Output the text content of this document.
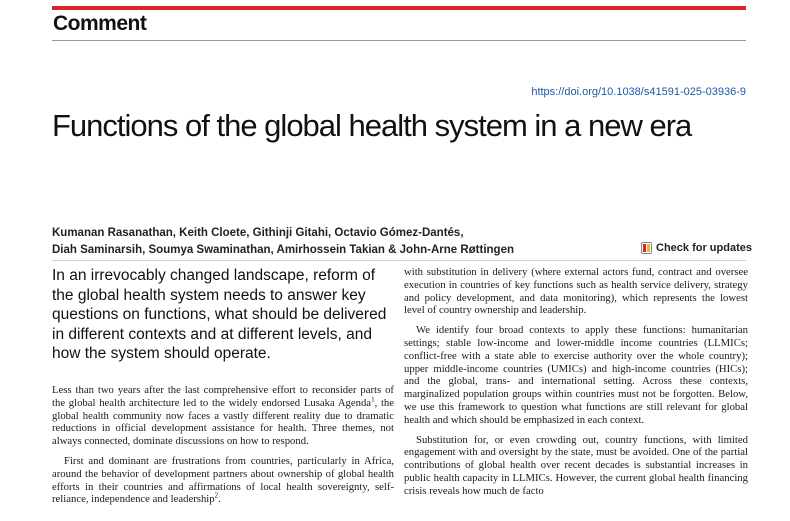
Comment
https://doi.org/10.1038/s41591-025-03936-9
Functions of the global health system in a new era
Kumanan Rasanathan, Keith Cloete, Githinji Gitahi, Octavio Gómez-Dantés,
Diah Saminarsih, Soumya Swaminathan, Amirhossein Takian & John-Arne Røttingen	Check for updates

In an irrevocably changed landscape, reform of the global health system needs to answer key questions on functions, what should be delivered in different contexts and at different levels, and how the system should operate.

Less than two years after the last comprehensive effort to reconsider parts of the global health architecture led to the widely endorsed Lusaka Agenda$^1$, the global health community now faces a vastly different reality due to dramatic reductions in official development assistance for health. Three themes, not always connected, dominate discussions on how to respond.

First and dominant are frustrations from countries, particularly in Africa, around the behavior of development partners about ownership of global health efforts in their countries and affirmations of local health sovereignty, self-reliance, independence and leadership$^2$.

with substitution in delivery (where external actors fund, contract and oversee execution in countries of key functions such as health service delivery, strategy and policy development, and data monitoring), which represents the lowest level of country ownership and leadership.

We identify four broad contexts to apply these functions: humanitarian settings; stable low-income and lower-middle income countries (LLMICs; conflict-free with a state able to exercise authority over the whole country); upper middle-income countries (UMICs) and high-income countries (HICs); and the global, trans- and international setting. Across these contexts, marginalized population groups within countries must not be forgotten. Below, we use this framework to question what functions are still relevant for global health and which should be emphasized in each context.

Substitution for, or even crowding out, country functions, with limited engagement with and oversight by the state, must be avoided. One of the partial contributions of global health over recent decades is substantial increases in public health capacity in LLMICs. However, the current global health financing crisis reveals how much de facto
